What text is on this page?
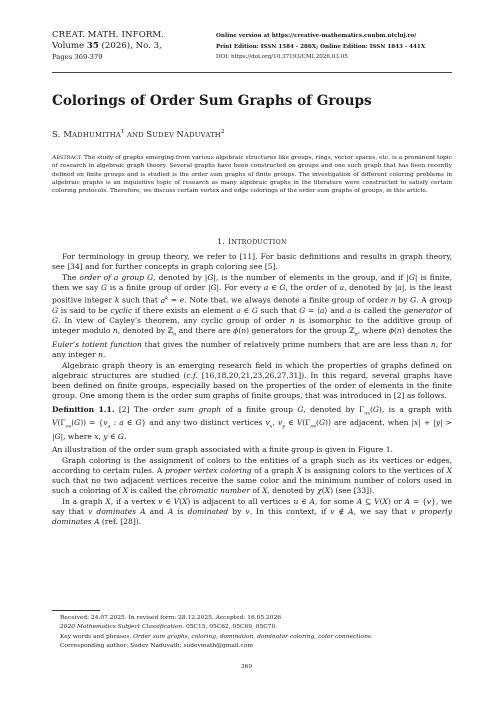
CREAT. MATH. INFORM.
Volume 35 (2026), No. 3,
Pages 369-379
Online version at https://creative-mathematics.cunbm.utcluj.ro/
Print Edition: ISSN 1584 - 286X; Online Edition: ISSN 1843 - 441X
DOI: https://doi.org/10.37193/CMI.2026.03.05
Colorings of Order Sum Graphs of Groups
S. MADHUMITHA$^1$ AND SUDEV NADUVATH$^2$
ABSTRACT. The study of graphs emerging from various algebraic structures like groups, rings, vector spaces, etc. is a prominent topic of research in algebraic graph theory. Several graphs have been constructed on groups and one such graph that has been recently defined on finite groups and is studied is the order sum graphs of finite groups. The investigation of different coloring problems in algebraic graphs is an inquisitive topic of research as many algebraic graphs in the literature were constructed to satisfy certain coloring protocols. Therefore, we discuss certain vertex and edge colorings of the order sum graphs of groups, in this article.
1. INTRODUCTION

For terminology in group theory, we refer to [11]. For basic definitions and results in graph theory, see [34] and for further concepts in graph coloring see [5].

The order of a group G, denoted by |G|, is the number of elements in the group, and if |G| is finite, then we say G is a finite group of order |G|. For every a ∈ G, the order of a, denoted by |a|, is the least positive integer k such that $a^k = e$. Note that, we always denote a finite group of order n by G. A group G is said to be cyclic if there exists an element a ∈ G such that G = ⟨a⟩ and a is called the generator of G. In view of Cayley’s theorem, any cyclic group of order n is isomorphic to the additive group of integer modulo n, denoted by ℤ$_n$ and there are ϕ(n) generators for the group ℤ$_n$, where ϕ(n) denotes the Euler’s totient function that gives the number of relatively prime numbers that are are less than n, for any integer n.

Algebraic graph theory is an emerging research field in which the properties of graphs defined on algebraic structures are studied (c.f. [16,18,20,21,23,26,27,31]). In this regard, several graphs have been defined on finite groups, especially based on the properties of the order of elements in the finite group. One among them is the order sum graphs of finite groups, that was introduced in [2] as follows.

Definition 1.1. [2] The order sum graph of a finite group G, denoted by $\Gamma_{os}(G)$, is a graph with $V(\Gamma_{os}(G)) = \{v_a$ : a ∈ G} and any two distinct vertices $v_x$, $v_y$ ∈ $V(\Gamma_{os}(G))$ are adjacent, when |x| + |y| > |G|, where x, y ∈ G.

An illustration of the order sum graph associated with a finite group is given in Figure 1.

Graph coloring is the assignment of colors to the entities of a graph such as its vertices or edges, according to certain rules. A proper vertex coloring of a graph X is assigning colors to the vertices of X such that no two adjacent vertices receive the same color and the minimum number of colors used in such a coloring of X is called the chromatic number of X, denoted by χ(X) (see [33]).

In a graph X, if a vertex v ∈ V(X) is adjacent to all vertices u ∈ A, for some A ⊆ V(X) or A = {v}, we say that v dominates A and A is dominated by v. In this context, if v ∉ A, we say that v properly dominates A (ref. [28]).

Received: 24.07.2025. In revised form: 28.12.2025. Accepted: 16.05.2026
2020 Mathematics Subject Classification. 05C15, 05C62, 05C69, 05C70.
Key words and phrases. Order sum graphs, coloring, domination, dominator coloring, color connections.
Corresponding author: Sudev Naduvath; sudevmath@gmail.com
369
